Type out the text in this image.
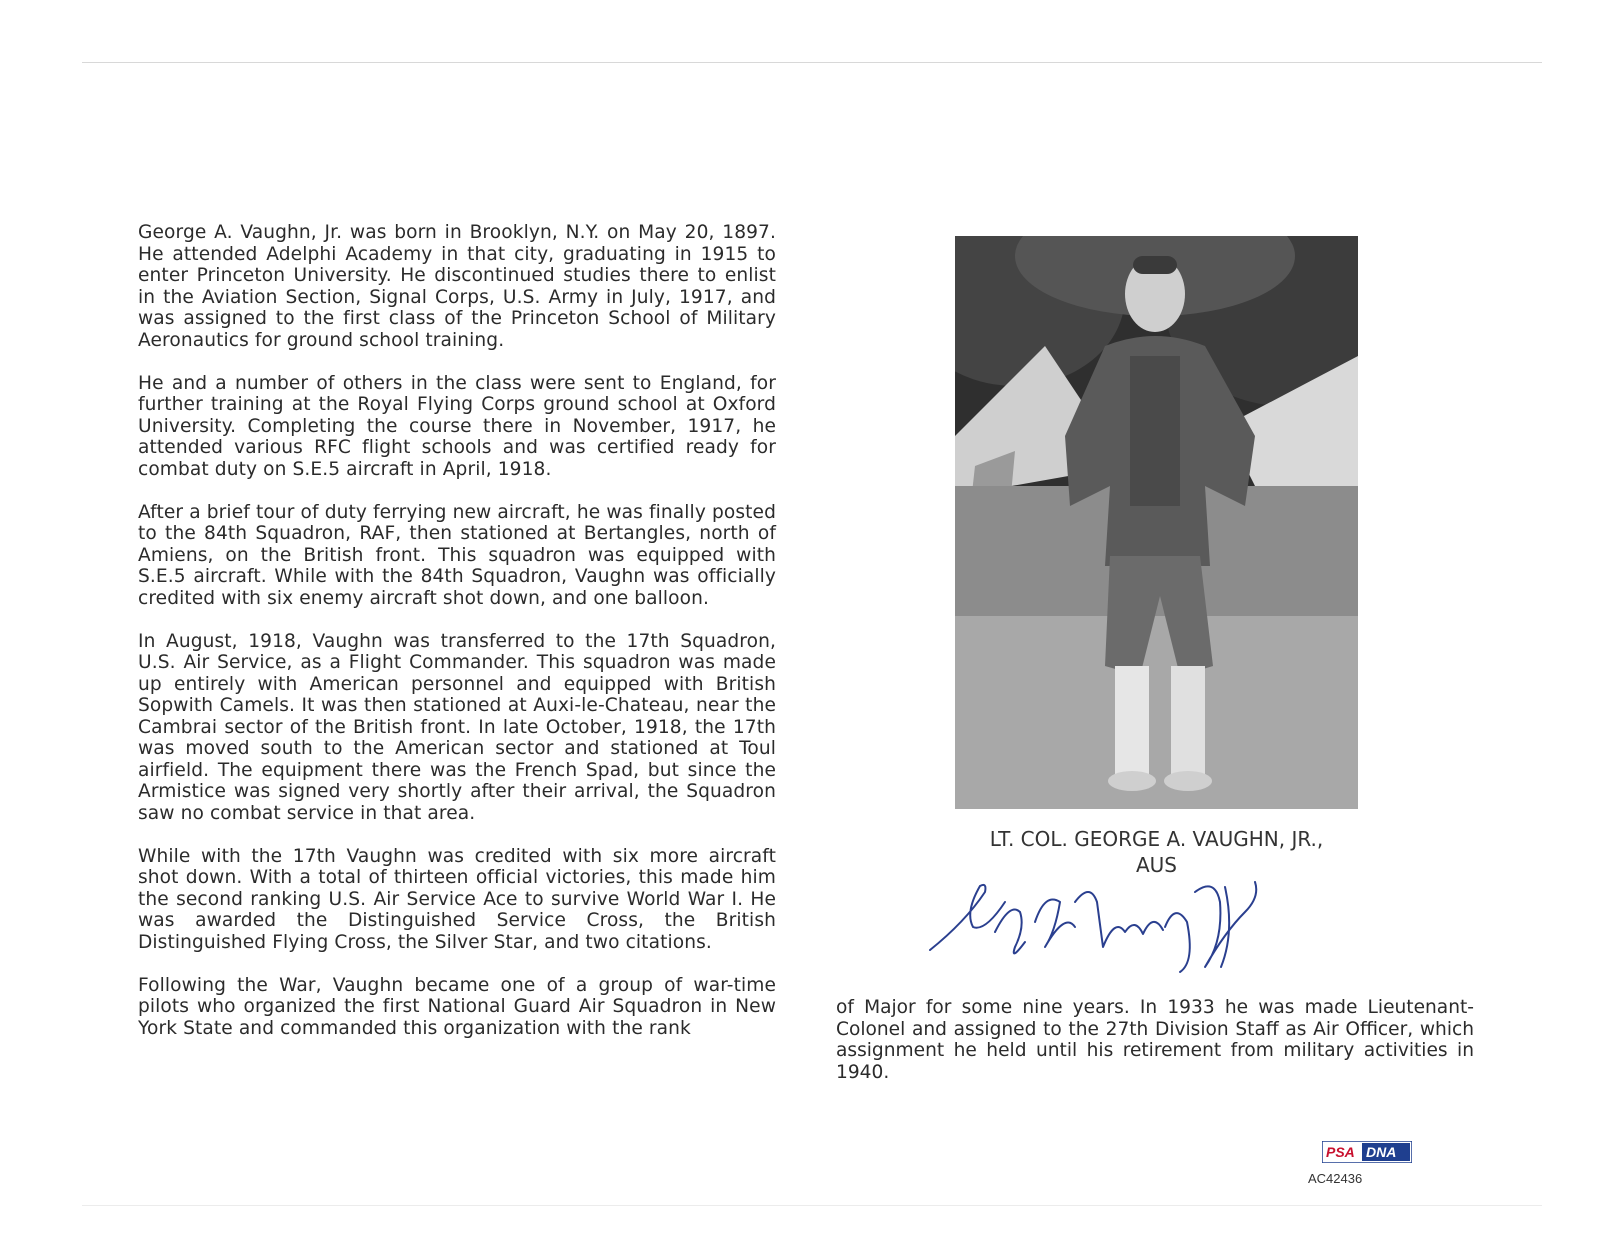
George A. Vaughn, Jr. was born in Brooklyn, N.Y. on May 20, 1897. He attended Adelphi Academy in that city, graduating in 1915 to enter Princeton University. He discontinued studies there to enlist in the Aviation Section, Signal Corps, U.S. Army in July, 1917, and was assigned to the first class of the Princeton School of Military Aeronautics for ground school training.

He and a number of others in the class were sent to England, for further training at the Royal Flying Corps ground school at Oxford University. Completing the course there in November, 1917, he attended various RFC flight schools and was certified ready for combat duty on S.E.5 aircraft in April, 1918.

After a brief tour of duty ferrying new aircraft, he was finally posted to the 84th Squadron, RAF, then stationed at Bertangles, north of Amiens, on the British front. This squadron was equipped with S.E.5 aircraft. While with the 84th Squadron, Vaughn was officially credited with six enemy aircraft shot down, and one balloon.

In August, 1918, Vaughn was transferred to the 17th Squadron, U.S. Air Service, as a Flight Commander. This squadron was made up entirely with American personnel and equipped with British Sopwith Camels. It was then stationed at Auxi-le-Chateau, near the Cambrai sector of the British front. In late October, 1918, the 17th was moved south to the American sector and stationed at Toul airfield. The equipment there was the French Spad, but since the Armistice was signed very shortly after their arrival, the Squadron saw no combat service in that area.

While with the 17th Vaughn was credited with six more aircraft shot down. With a total of thirteen official victories, this made him the second ranking U.S. Air Service Ace to survive World War I. He was awarded the Distinguished Service Cross, the British Distinguished Flying Cross, the Silver Star, and two citations.

Following the War, Vaughn became one of a group of war-time pilots who organized the first National Guard Air Squadron in New York State and commanded this organization with the rank

LT. COL. GEORGE A. VAUGHN, JR.,
AUS

of Major for some nine years. In 1933 he was made Lieutenant-Colonel and assigned to the 27th Division Staff as Air Officer, which assignment he held until his retirement from military activities in 1940.

PSA DNA
AC42436
